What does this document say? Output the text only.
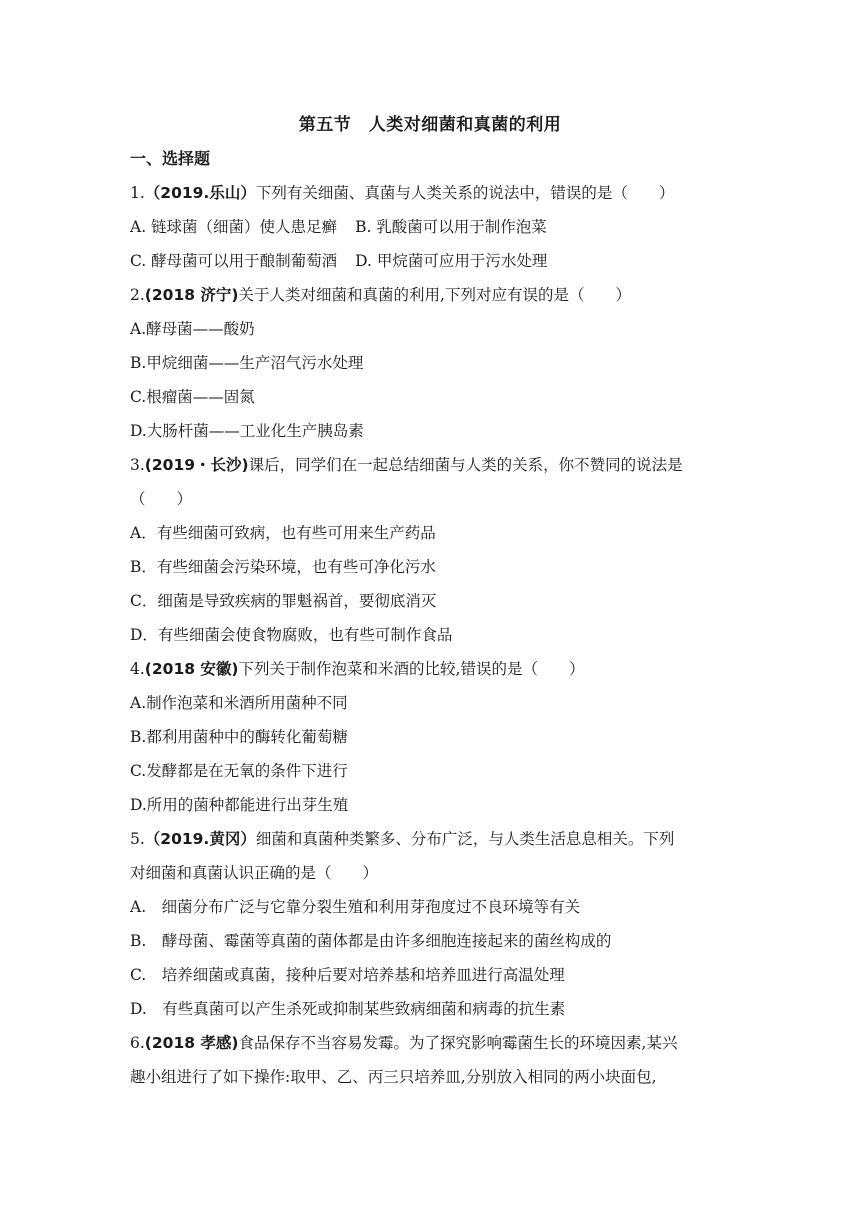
第五节　人类对细菌和真菌的利用
一、选择题
1.（2019.乐山）下列有关细菌、真菌与人类关系的说法中，错误的是（　　）
A. 链球菌（细菌）使人患足癣 B. 乳酸菌可以用于制作泡菜
C. 酵母菌可以用于酿制葡萄酒 D. 甲烷菌可应用于污水处理
2.(2018 济宁)关于人类对细菌和真菌的利用,下列对应有误的是（　　）
A.酵母菌——酸奶
B.甲烷细菌——生产沼气污水处理
C.根瘤菌——固氮
D.大肠杆菌——工业化生产胰岛素
3.(2019・长沙)课后，同学们在一起总结细菌与人类的关系，你不赞同的说法是
（　　）
A．有些细菌可致病，也有些可用来生产药品
B．有些细菌会污染环境，也有些可净化污水
C．细菌是导致疾病的罪魁祸首，要彻底消灭
D．有些细菌会使食物腐败，也有些可制作食品
4.(2018 安徽)下列关于制作泡菜和米酒的比较,错误的是（　　）
A.制作泡菜和米酒所用菌种不同
B.都利用菌种中的酶转化葡萄糖
C.发酵都是在无氧的条件下进行
D.所用的菌种都能进行出芽生殖
5.（2019.黄冈）细菌和真菌种类繁多、分布广泛，与人类生活息息相关。下列
对细菌和真菌认识正确的是（　　）
A.　细菌分布广泛与它靠分裂生殖和利用芽孢度过不良环境等有关
B.　酵母菌、霉菌等真菌的菌体都是由许多细胞连接起来的菌丝构成的
C.　培养细菌或真菌，接种后要对培养基和培养皿进行高温处理
D.　有些真菌可以产生杀死或抑制某些致病细菌和病毒的抗生素
6.(2018 孝感)食品保存不当容易发霉。为了探究影响霉菌生长的环境因素,某兴
趣小组进行了如下操作:取甲、乙、丙三只培养皿,分别放入相同的两小块面包,
